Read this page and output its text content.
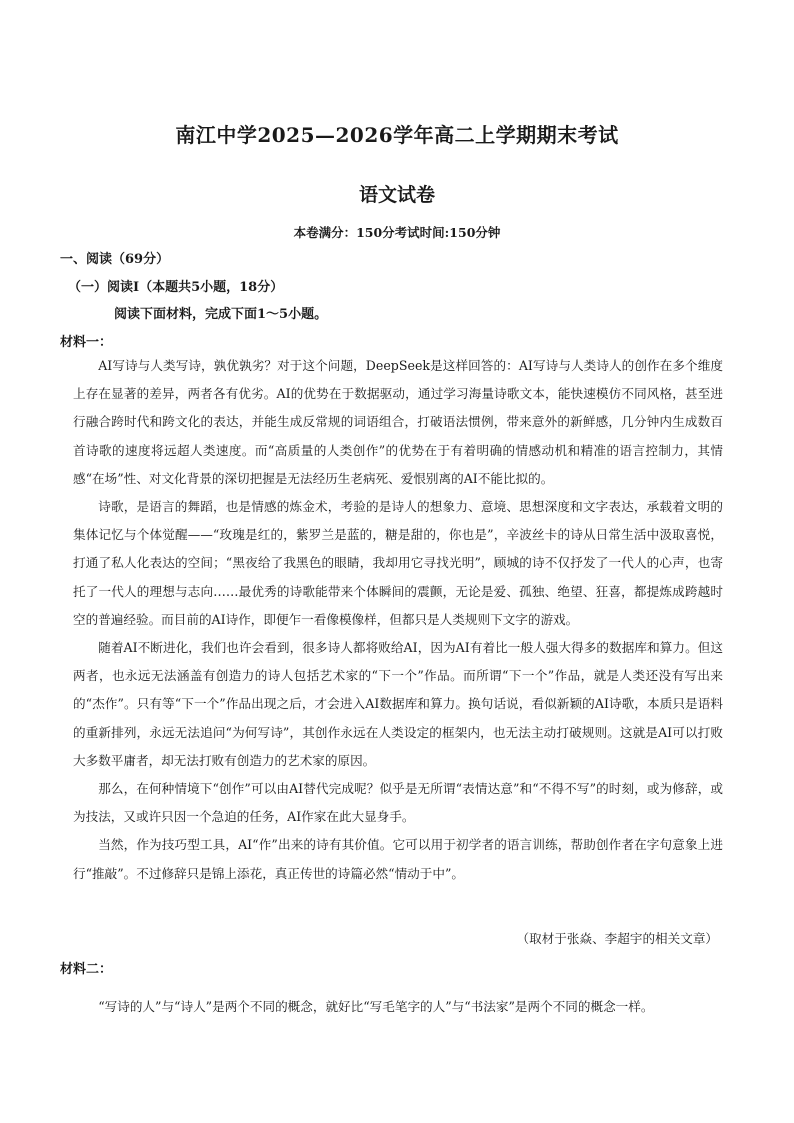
南江中学2025—2026学年高二上学期期末考试
语文试卷
本卷满分：150分考试时间:150分钟
一、阅读（69分）
（一）阅读Ⅰ（本题共5小题，18分）
阅读下面材料，完成下面1～5小题。
材料一：

AI写诗与人类写诗，孰优孰劣？对于这个问题，DeepSeek是这样回答的：AI写诗与人类诗人的创作在多个维度上存在显著的差异，两者各有优劣。AI的优势在于数据驱动，通过学习海量诗歌文本，能快速模仿不同风格，甚至进行融合跨时代和跨文化的表达，并能生成反常规的词语组合，打破语法惯例，带来意外的新鲜感，几分钟内生成数百首诗歌的速度将远超人类速度。而“高质量的人类创作”的优势在于有着明确的情感动机和精准的语言控制力，其情感“在场”性、对文化背景的深切把握是无法经历生老病死、爱恨别离的AI不能比拟的。

诗歌，是语言的舞蹈，也是情感的炼金术，考验的是诗人的想象力、意境、思想深度和文字表达，承载着文明的集体记忆与个体觉醒——“玫瑰是红的，紫罗兰是蓝的，糖是甜的，你也是”，辛波丝卡的诗从日常生活中汲取喜悦，打通了私人化表达的空间；“黑夜给了我黑色的眼睛，我却用它寻找光明”，顾城的诗不仅抒发了一代人的心声，也寄托了一代人的理想与志向……最优秀的诗歌能带来个体瞬间的震颤，无论是爱、孤独、绝望、狂喜，都提炼成跨越时空的普遍经验。而目前的AI诗作，即便乍一看像模像样，但都只是人类规则下文字的游戏。

随着AI不断进化，我们也许会看到，很多诗人都将败给AI，因为AI有着比一般人强大得多的数据库和算力。但这两者，也永远无法涵盖有创造力的诗人包括艺术家的“下一个”作品。而所谓“下一个”作品，就是人类还没有写出来的“杰作”。只有等“下一个”作品出现之后，才会进入AI数据库和算力。换句话说，看似新颖的AI诗歌，本质只是语料的重新排列，永远无法追问“为何写诗”，其创作永远在人类设定的框架内，也无法主动打破规则。这就是AI可以打败大多数平庸者，却无法打败有创造力的艺术家的原因。

那么，在何种情境下“创作”可以由AI替代完成呢？似乎是无所谓“表情达意”和“不得不写”的时刻，或为修辞，或为技法，又或许只因一个急迫的任务，AI作家在此大显身手。

当然，作为技巧型工具，AI“作”出来的诗有其价值。它可以用于初学者的语言训练，帮助创作者在字句意象上进行“推敲”。不过修辞只是锦上添花，真正传世的诗篇必然“情动于中”。

（取材于张焱、李超宇的相关文章）
材料二：

“写诗的人”与“诗人”是两个不同的概念，就好比“写毛笔字的人”与“书法家”是两个不同的概念一样。
